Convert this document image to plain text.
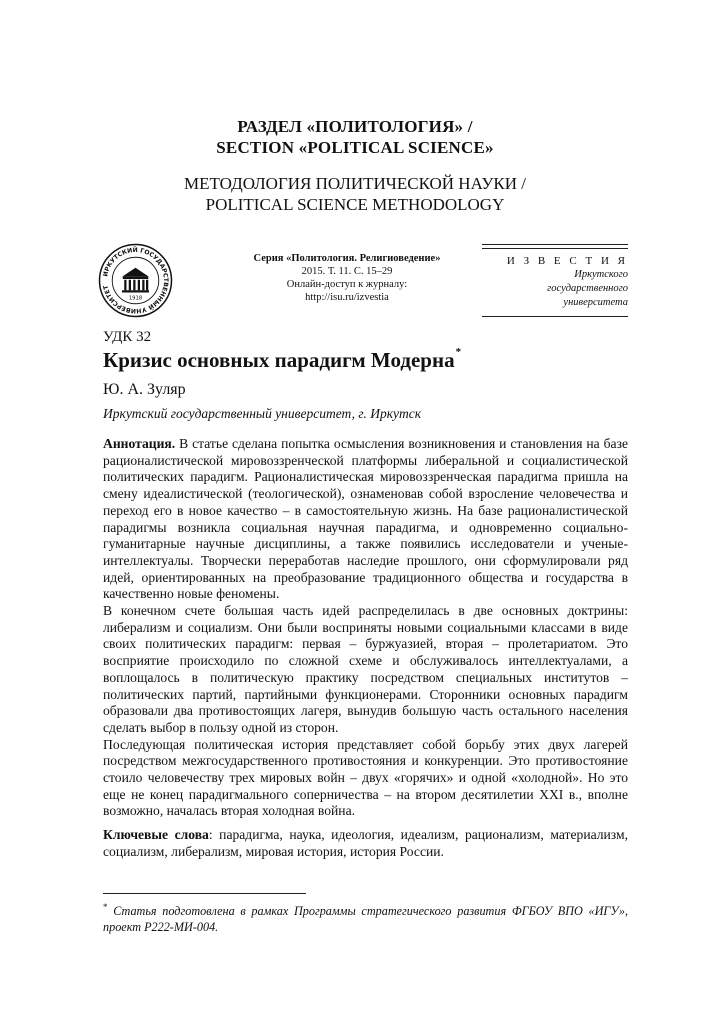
РАЗДЕЛ «ПОЛИТОЛОГИЯ» /
SECTION «POLITICAL SCIENCE»
МЕТОДОЛОГИЯ ПОЛИТИЧЕСКОЙ НАУКИ /
POLITICAL SCIENCE METHODOLOGY
ИРКУТСКИЙ ГОСУДАРСТВЕННЫЙ УНИВЕРСИТЕТ
1918
Серия «Политология. Религиоведение»
2015. Т. 11. С. 15–29
Онлайн-доступ к журналу:
http://isu.ru/izvestia
И З В Е С Т И Я
Иркутского
государственного
университета
УДК 32
Кризис основных парадигм Модерна*
Ю. А. Зуляр
Иркутский государственный университет, г. Иркутск

Аннотация. В статье сделана попытка осмысления возникновения и становления на базе рационалистической мировоззренческой платформы либеральной и социалистической политических парадигм. Рационалистическая мировоззренческая парадигма пришла на смену идеалистической (теологической), ознаменовав собой взросление человечества и переход его в новое качество – в самостоятельную жизнь. На базе рационалистической парадигмы возникла социальная научная парадигма, и одновременно социально-гуманитарные научные дисциплины, а также появились исследователи и ученые-интеллектуалы. Творчески переработав наследие прошлого, они сформулировали ряд идей, ориентированных на преобразование традиционного общества и государства в качественно новые феномены.

В конечном счете большая часть идей распределилась в две основных доктрины: либерализм и социализм. Они были восприняты новыми социальными классами в виде своих политических парадигм: первая – буржуазией, вторая – пролетариатом. Это восприятие происходило по сложной схеме и обслуживалось интеллектуалами, а воплощалось в политическую практику посредством специальных институтов – политических партий, партийными функционерами. Сторонники основных парадигм образовали два противостоящих лагеря, вынудив большую часть остального населения сделать выбор в пользу одной из сторон.

Последующая политическая история представляет собой борьбу этих двух лагерей посредством межгосударственного противостояния и конкуренции. Это противостояние стоило человечеству трех мировых войн – двух «горячих» и одной «холодной». Но это еще не конец парадигмального соперничества – на втором десятилетии XXI в., вполне возможно, началась вторая холодная война.

Ключевые слова: парадигма, наука, идеология, идеализм, рационализм, материализм, социализм, либерализм, мировая история, история России.

* Статья подготовлена в рамках Программы стратегического развития ФГБОУ ВПО «ИГУ», проект Р222-МИ-004.
